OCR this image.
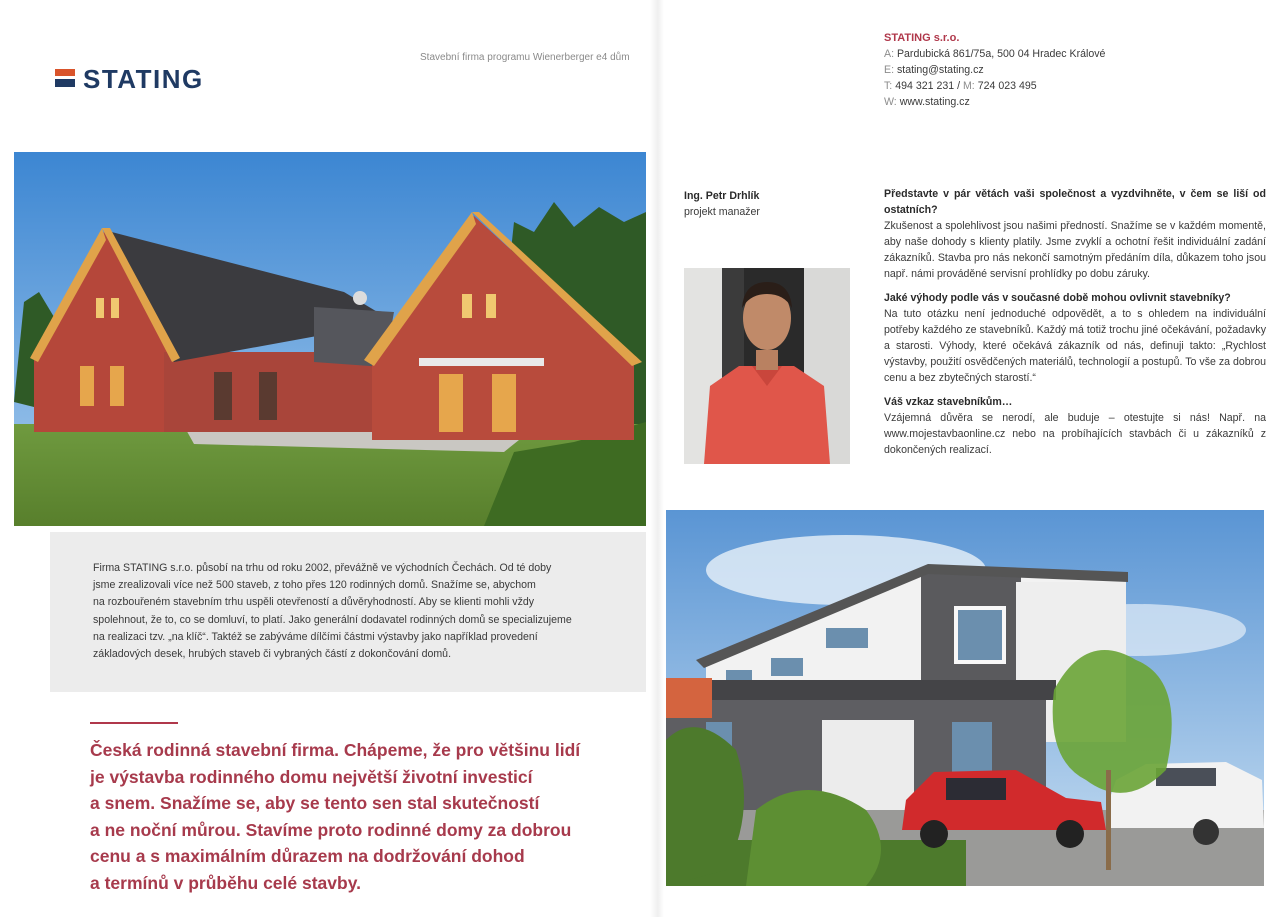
STATING
Stavební firma programu Wienerberger e4 dům
Firma STATING s.r.o. působí na trhu od roku 2002, převážně ve východních Čechách. Od té doby
jsme zrealizovali více než 500 staveb, z toho přes 120 rodinných domů. Snažíme se, abychom
na rozbouřeném stavebním trhu uspěli otevřeností a důvěryhodností. Aby se klienti mohli vždy
spolehnout, že to, co se domluví, to platí. Jako generální dodavatel rodinných domů se specializujeme
na realizaci tzv. „na klíč“. Taktéž se zabýváme dílčími částmi výstavby jako například provedení
základových desek, hrubých staveb či vybraných částí z dokončování domů.
Česká rodinná stavební firma. Chápeme, že pro většinu lidí
je výstavba rodinného domu největší životní investicí
a snem. Snažíme se, aby se tento sen stal skutečností
a ne noční můrou. Stavíme proto rodinné domy za dobrou
cenu a s maximálním důrazem na dodržování dohod
a termínů v průběhu celé stavby.
STATING s.r.o.
A: Pardubická 861/75a, 500 04 Hradec Králové
E: stating@stating.cz
T: 494 321 231 / M: 724 023 495
W: www.stating.cz
Ing. Petr Drhlík
projekt manažer

Představte v pár větách vaši společnost a vyzdvihněte, v čem se liší od ostatních?

Zkušenost a spolehlivost jsou našimi předností. Snažíme se v každém momentě, aby naše dohody s klienty platily. Jsme zvyklí a ochotní řešit individuální zadání zákazníků. Stavba pro nás nekončí samotným předáním díla, důkazem toho jsou např. námi prováděné servisní prohlídky po dobu záruky.

Jaké výhody podle vás v současné době mohou ovlivnit stavebníky?

Na tuto otázku není jednoduché odpovědět, a to s ohledem na individuální potřeby každého ze stavebníků. Každý má totiž trochu jiné očekávání, požadavky a starosti. Výhody, které očekává zákazník od nás, definuji takto: „Rychlost výstavby, použití osvědčených materiálů, technologií a postupů. To vše za dobrou cenu a bez zbytečných starostí.“

Váš vzkaz stavebníkům…

Vzájemná důvěra se nerodí, ale buduje – otestujte si nás! Např. na www.mojestavbaonline.cz nebo na probíhajících stavbách či u zákazníků z dokončených realizací.
